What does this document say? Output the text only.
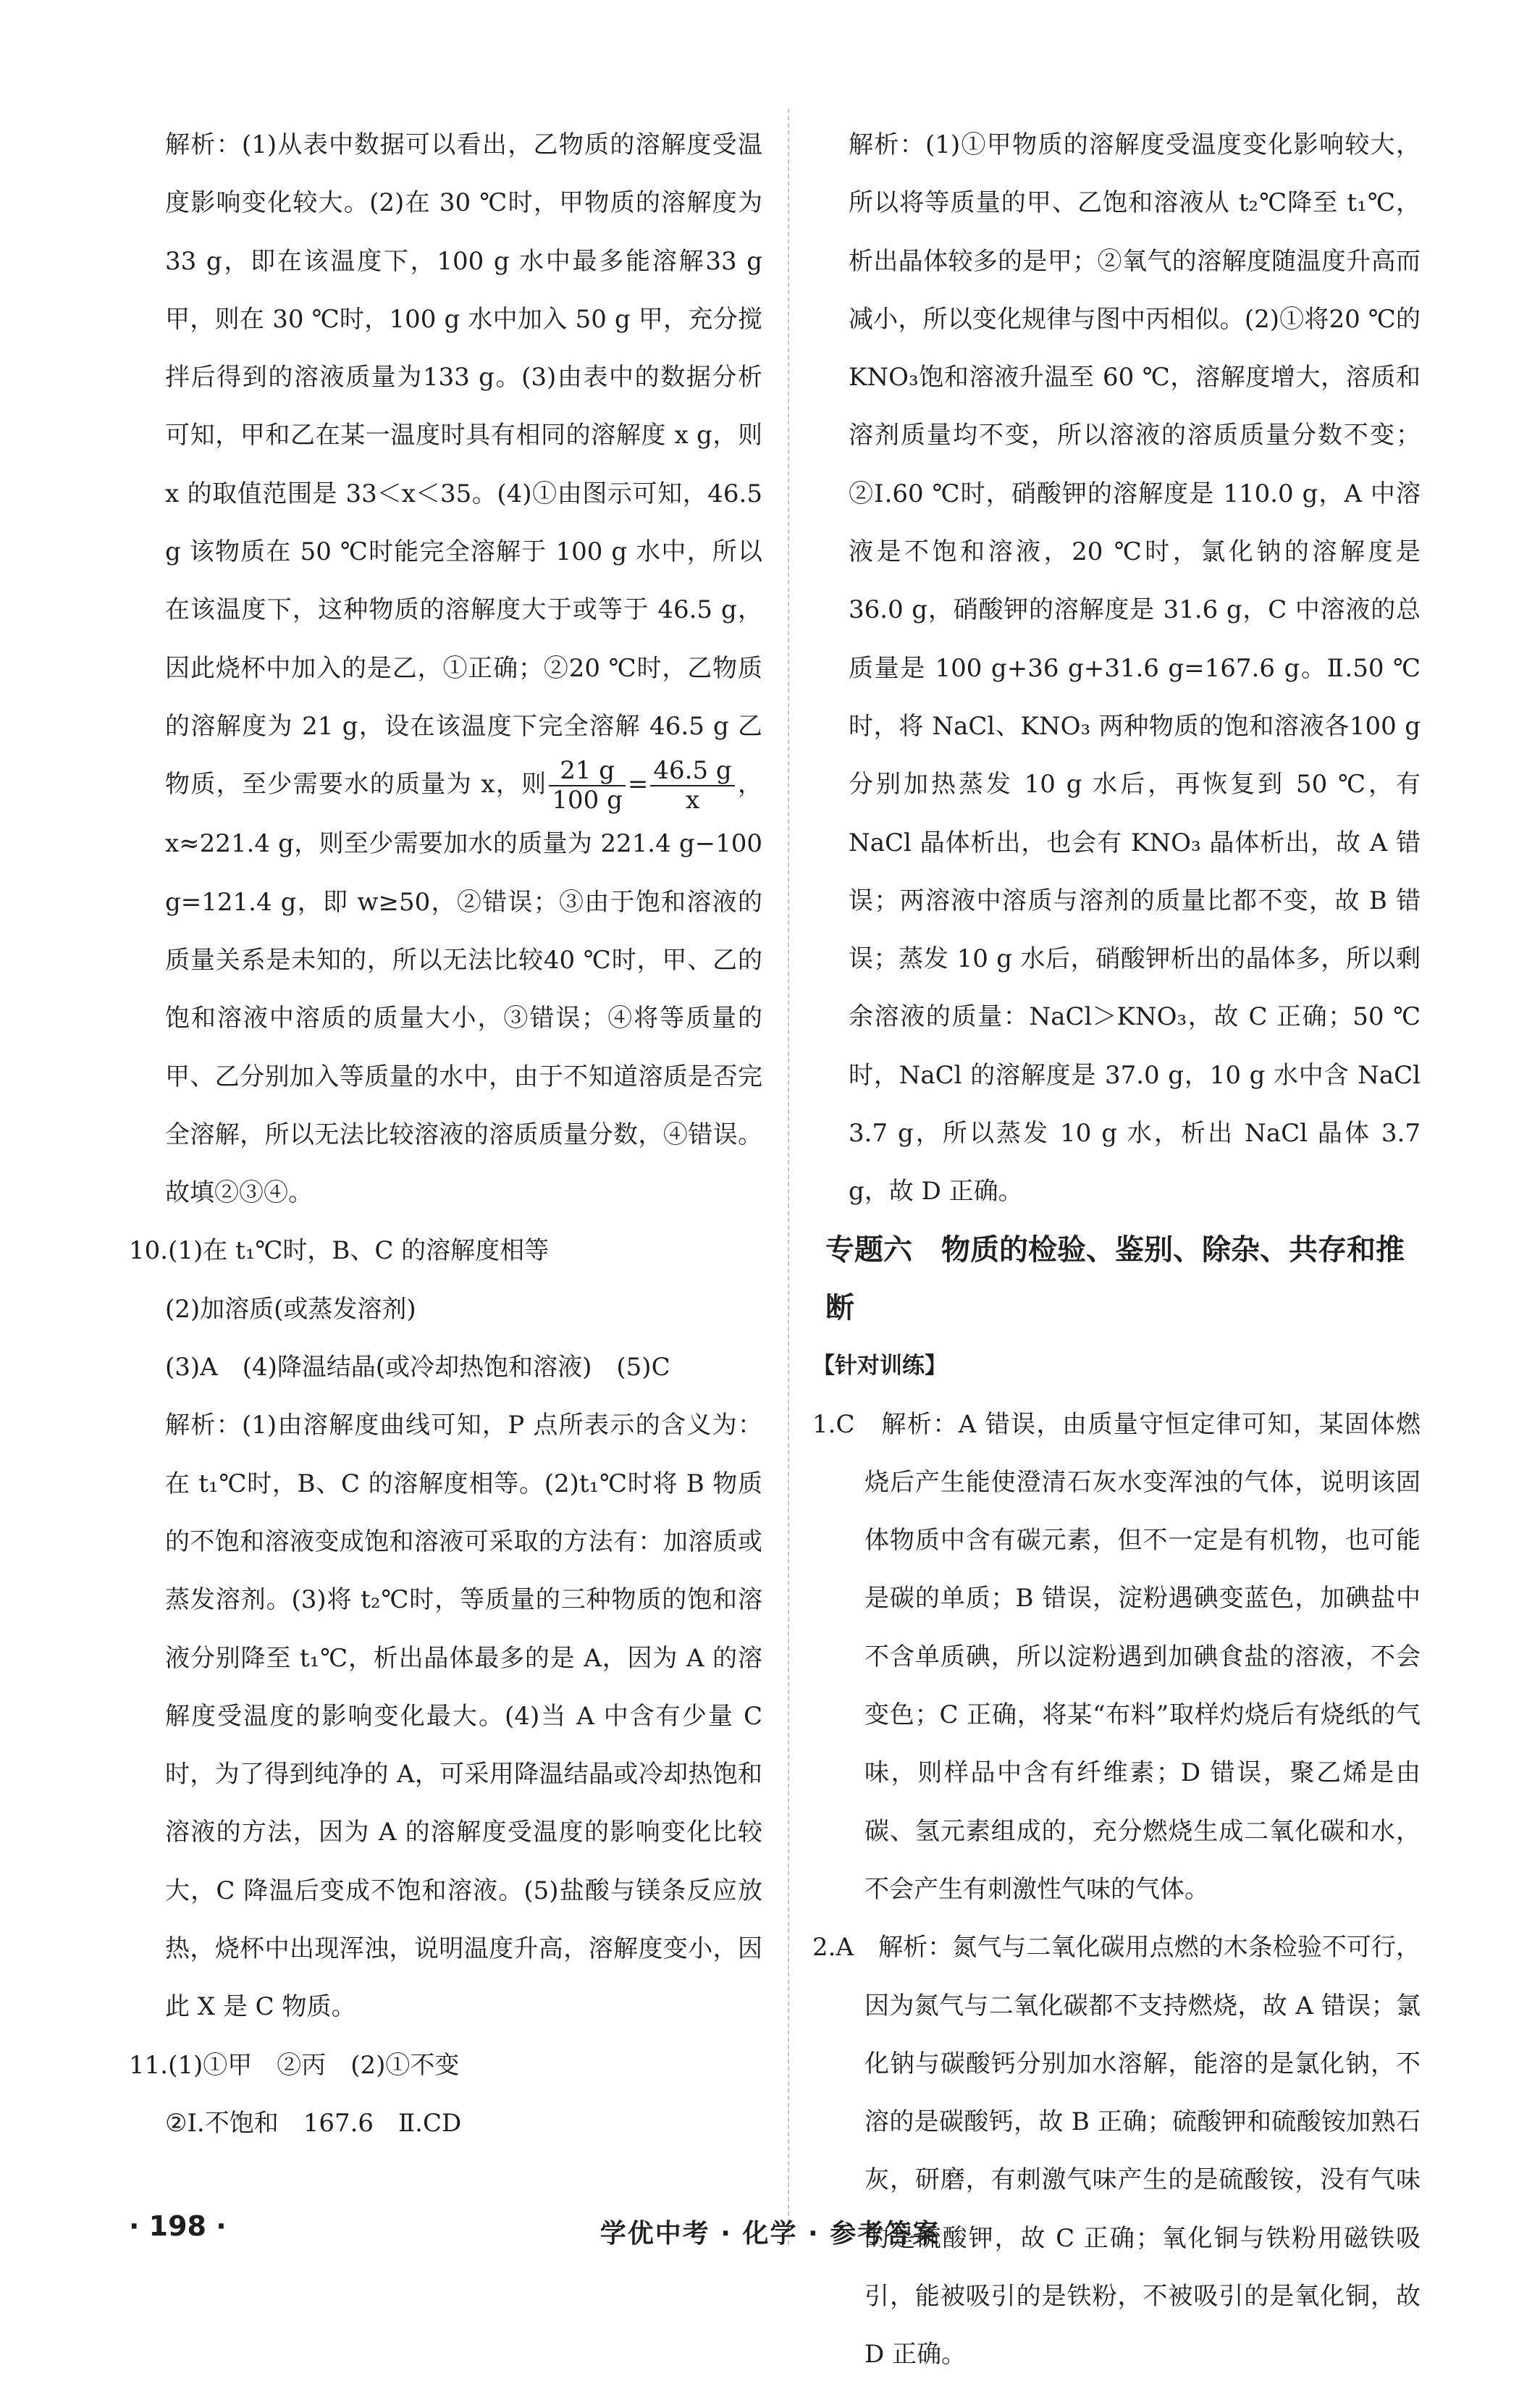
解析：(1)从表中数据可以看出，乙物质的溶解度受温度影响变化较大。(2)在 30 ℃时，甲物质的溶解度为 33 g，即在该温度下，100 g 水中最多能溶解33 g 甲，则在 30 ℃时，100 g 水中加入 50 g 甲，充分搅拌后得到的溶液质量为133 g。(3)由表中的数据分析可知，甲和乙在某一温度时具有相同的溶解度 x g，则 x 的取值范围是 33＜x＜35。(4)①由图示可知，46.5 g 该物质在 50 ℃时能完全溶解于 100 g 水中，所以在该温度下，这种物质的溶解度大于或等于 46.5 g，因此烧杯中加入的是乙，①正确；②20 ℃时，乙物质的溶解度为 21 g，设在该温度下完全溶解 46.5 g 乙物质，至少需要水的质量为 x，则 $\frac{21 g}{100 g} = \frac{46.5 g}{x}$ ，x≈221.4 g，则至少需要加水的质量为 221.4 g−100 g=121.4 g，即 w≥50，②错误；③由于饱和溶液的质量关系是未知的，所以无法比较40 ℃时，甲、乙的饱和溶液中溶质的质量大小，③错误；④将等质量的甲、乙分别加入等质量的水中，由于不知道溶质是否完全溶解，所以无法比较溶液的溶质质量分数，④错误。故填②③④。

10.(1)在 t₁℃时，B、C 的溶解度相等

(2)加溶质(或蒸发溶剂)

(3)A　(4)降温结晶(或冷却热饱和溶液)　(5)C

解析：(1)由溶解度曲线可知，P 点所表示的含义为：在 t₁℃时，B、C 的溶解度相等。(2)t₁℃时将 B 物质的不饱和溶液变成饱和溶液可采取的方法有：加溶质或蒸发溶剂。(3)将 t₂℃时，等质量的三种物质的饱和溶液分别降至 t₁℃，析出晶体最多的是 A，因为 A 的溶解度受温度的影响变化最大。(4)当 A 中含有少量 C 时，为了得到纯净的 A，可采用降温结晶或冷却热饱和溶液的方法，因为 A 的溶解度受温度的影响变化比较大，C 降温后变成不饱和溶液。(5)盐酸与镁条反应放热，烧杯中出现浑浊，说明温度升高，溶解度变小，因此 X 是 C 物质。

11.(1)①甲　②丙　(2)①不变

②Ⅰ.不饱和　167.6　Ⅱ.CD

解析：(1)①甲物质的溶解度受温度变化影响较大，所以将等质量的甲、乙饱和溶液从 t₂℃降至 t₁℃，析出晶体较多的是甲；②氧气的溶解度随温度升高而减小，所以变化规律与图中丙相似。(2)①将20 ℃的 KNO₃饱和溶液升温至 60 ℃，溶解度增大，溶质和溶剂质量均不变，所以溶液的溶质质量分数不变；②Ⅰ.60 ℃时，硝酸钾的溶解度是 110.0 g，A 中溶液是不饱和溶液，20 ℃时，氯化钠的溶解度是 36.0 g，硝酸钾的溶解度是 31.6 g，C 中溶液的总质量是 100 g+36 g+31.6 g=167.6 g。Ⅱ.50 ℃时，将 NaCl、KNO₃ 两种物质的饱和溶液各100 g分别加热蒸发 10 g 水后，再恢复到 50 ℃，有 NaCl 晶体析出，也会有 KNO₃ 晶体析出，故 A 错误；两溶液中溶质与溶剂的质量比都不变，故 B 错误；蒸发 10 g 水后，硝酸钾析出的晶体多，所以剩余溶液的质量：NaCl＞KNO₃，故 C 正确；50 ℃时，NaCl 的溶解度是 37.0 g，10 g 水中含 NaCl 3.7 g，所以蒸发 10 g 水，析出 NaCl 晶体 3.7 g，故 D 正确。

专题六　物质的检验、鉴别、除杂、共存和推断

【针对训练】

1.C　解析：A 错误，由质量守恒定律可知，某固体燃烧后产生能使澄清石灰水变浑浊的气体，说明该固体物质中含有碳元素，但不一定是有机物，也可能是碳的单质；B 错误，淀粉遇碘变蓝色，加碘盐中不含单质碘，所以淀粉遇到加碘食盐的溶液，不会变色；C 正确，将某“布料”取样灼烧后有烧纸的气味，则样品中含有纤维素；D 错误，聚乙烯是由碳、氢元素组成的，充分燃烧生成二氧化碳和水，不会产生有刺激性气味的气体。

2.A　解析：氮气与二氧化碳用点燃的木条检验不可行，因为氮气与二氧化碳都不支持燃烧，故 A 错误；氯化钠与碳酸钙分别加水溶解，能溶的是氯化钠，不溶的是碳酸钙，故 B 正确；硫酸钾和硫酸铵加熟石灰，研磨，有刺激气味产生的是硫酸铵，没有气味的是硫酸钾，故 C 正确；氧化铜与铁粉用磁铁吸引，能被吸引的是铁粉，不被吸引的是氧化铜，故 D 正确。

· 198 ·	学优中考 · 化学 · 参考答案
